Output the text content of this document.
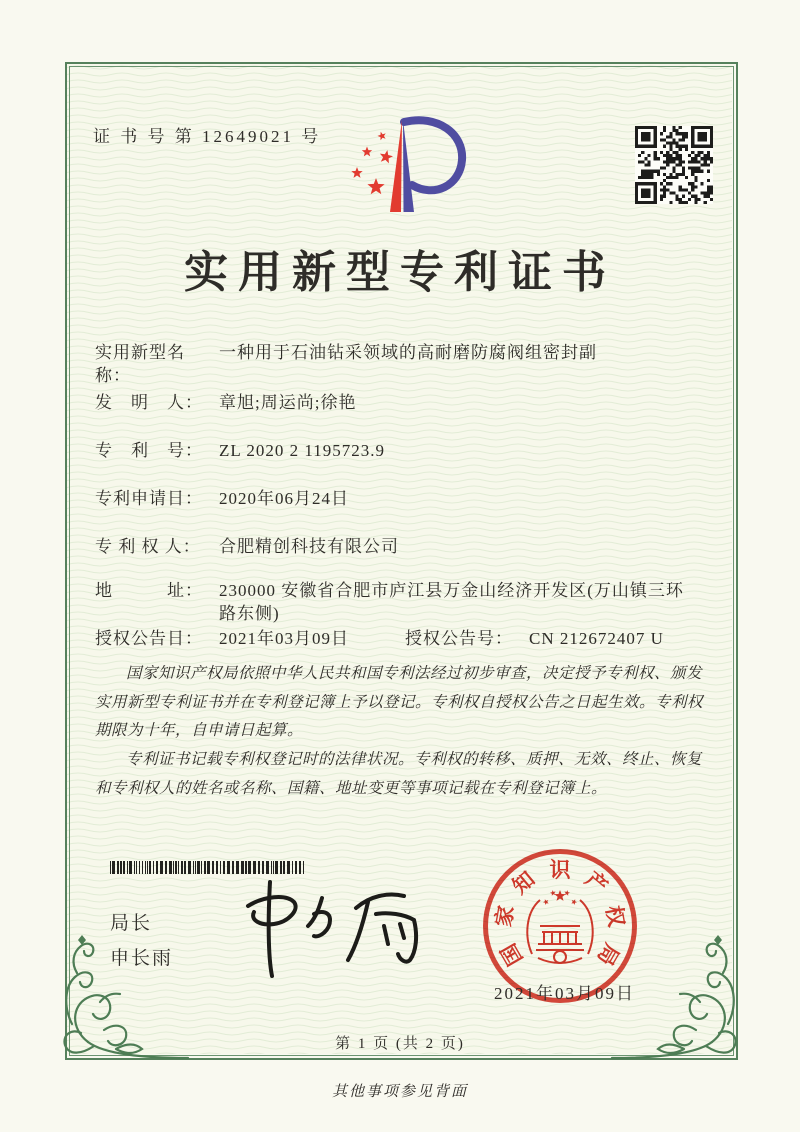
证 书 号 第 12649021 号
实用新型专利证书
实用新型名称：
一种用于石油钻采领域的高耐磨防腐阀组密封副
发　明　人： 章旭;周运尚;徐艳
专　利　号： ZL 2020 2 1195723.9
专利申请日： 2020年06月24日
专 利 权 人：	合肥精创科技有限公司
地　　　址： 230000 安徽省合肥市庐江县万金山经济开发区(万山镇三环路东侧)
授权公告日： 2021年03月09日	授权公告号： CN 212672407 U

国家知识产权局依照中华人民共和国专利法经过初步审查，决定授予专利权、颁发实用新型专利证书并在专利登记簿上予以登记。专利权自授权公告之日起生效。专利权期限为十年，自申请日起算。

专利证书记载专利权登记时的法律状况。专利权的转移、质押、无效、终止、恢复和专利权人的姓名或名称、国籍、地址变更等事项记载在专利登记簿上。

局长
申长雨	国
家
知 识 产
权
局
2021年03月09日
第 1 页 (共 2 页)
其他事项参见背面
